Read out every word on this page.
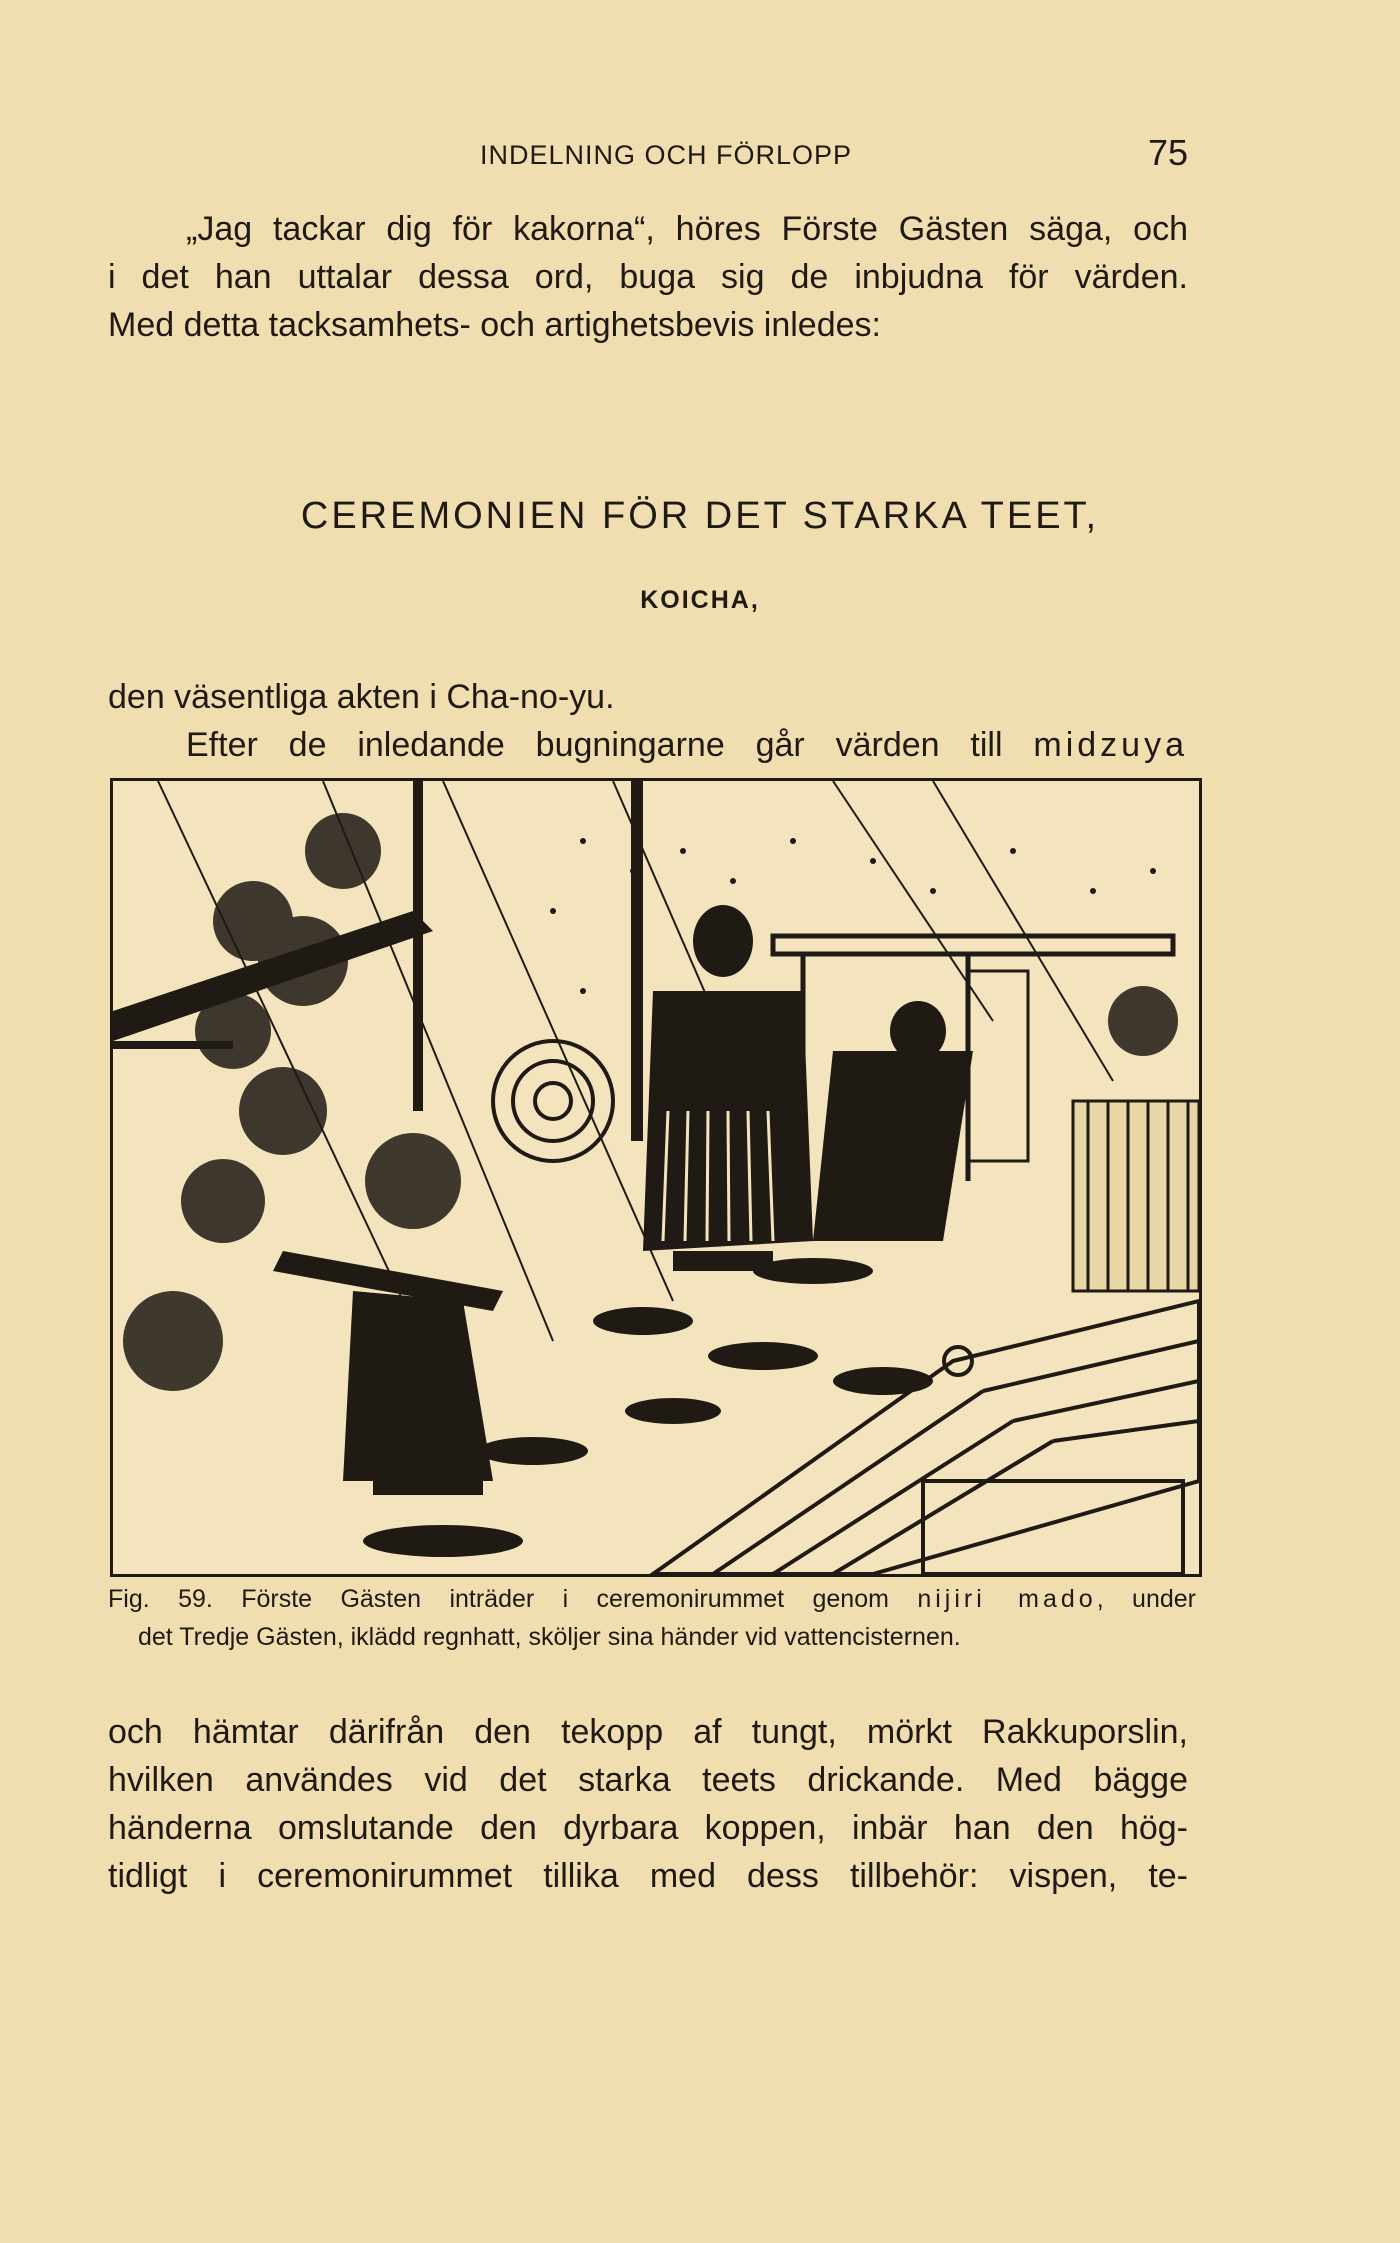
INDELNING OCH FÖRLOPP	75
„Jag tackar dig för kakorna“, höres Förste Gästen säga, och
i det han uttalar dessa ord, buga sig de inbjudna för värden.
Med detta tacksamhets- och artighetsbevis inledes:
CEREMONIEN FÖR DET STARKA TEET,
KOICHA,
den väsentliga akten i Cha-no-yu.
Efter de inledande bugningarne går värden till midzuya
Fig. 59. Förste Gästen inträder i ceremonirummet genom nijiri mado, under
det Tredje Gästen, iklädd regnhatt, sköljer sina händer vid vattencisternen.
och hämtar därifrån den tekopp af tungt, mörkt Rakkuporslin,
hvilken användes vid det starka teets drickande. Med bägge
händerna omslutande den dyrbara koppen, inbär han den hög-
tidligt i ceremonirummet tillika med dess tillbehör: vispen, te-
